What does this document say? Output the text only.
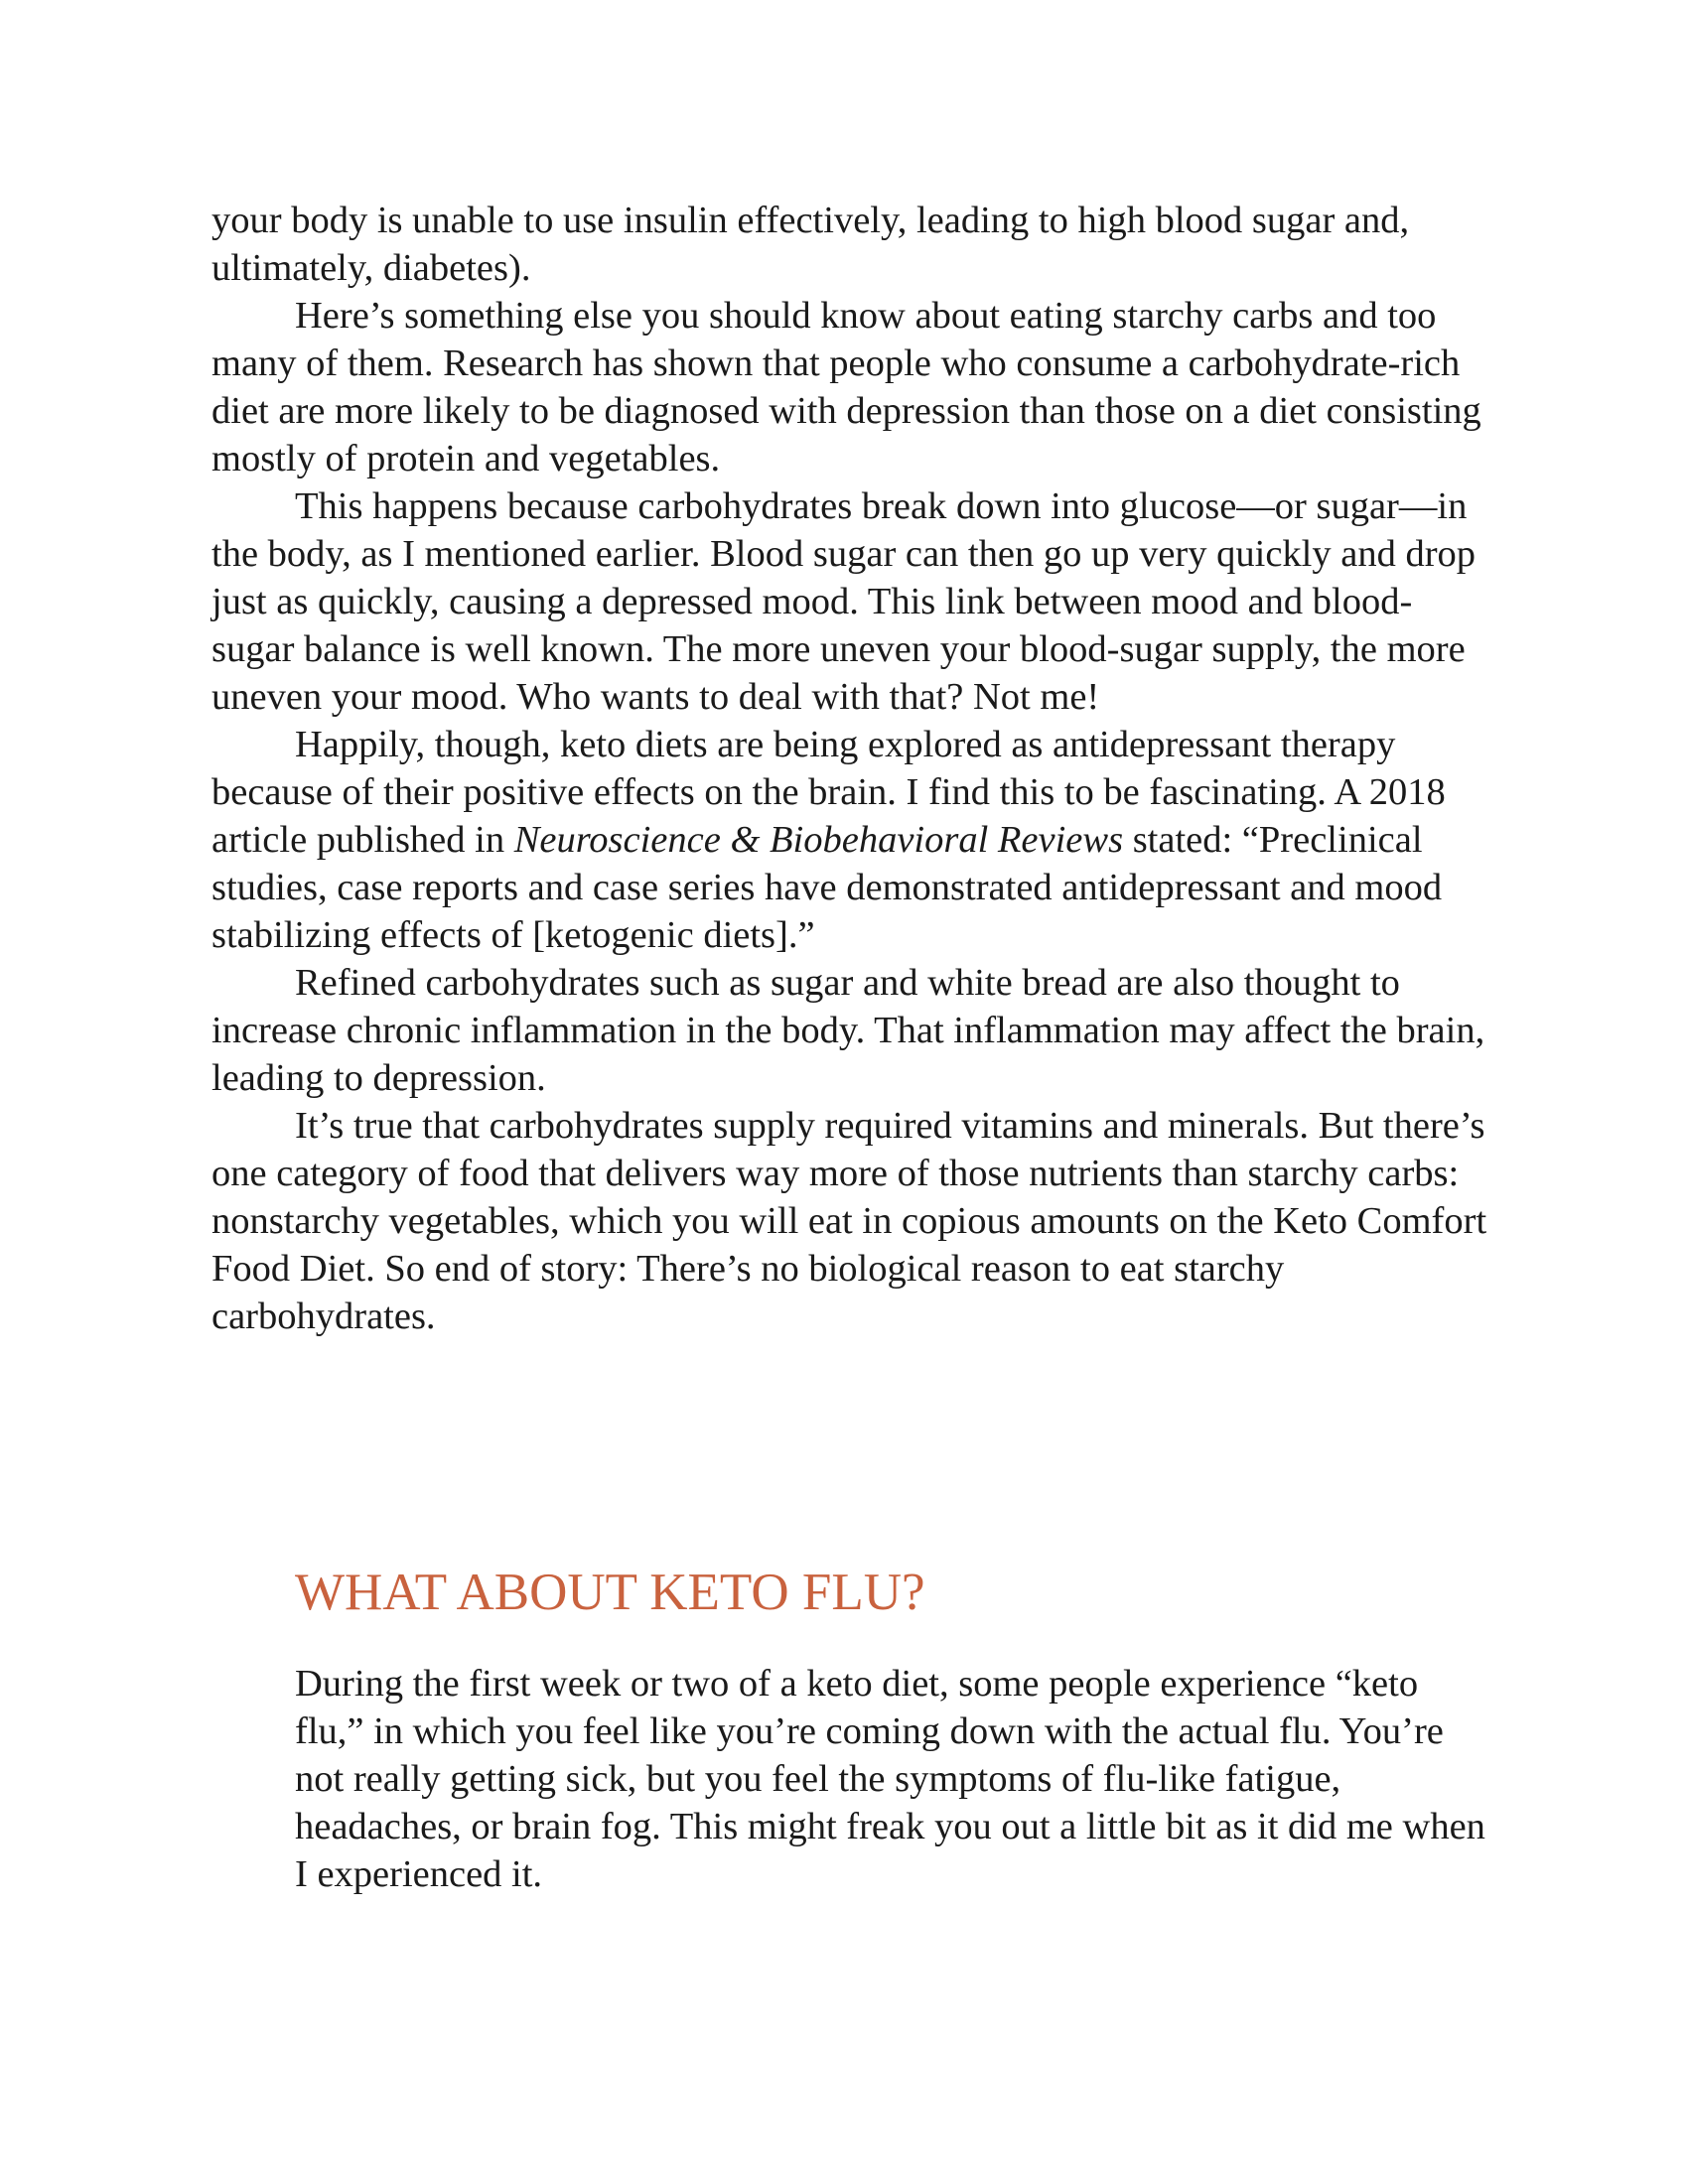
your body is unable to use insulin effectively, leading to high blood sugar and, ultimately, diabetes).

Here’s something else you should know about eating starchy carbs and too many of them. Research has shown that people who consume a carbohydrate-rich diet are more likely to be diagnosed with depression than those on a diet consisting mostly of protein and vegetables.

This happens because carbohydrates break down into glucose—or sugar—in the body, as I mentioned earlier. Blood sugar can then go up very quickly and drop just as quickly, causing a depressed mood. This link between mood and blood-sugar balance is well known. The more uneven your blood-sugar supply, the more uneven your mood. Who wants to deal with that? Not me!

Happily, though, keto diets are being explored as antidepressant therapy because of their positive effects on the brain. I find this to be fascinating. A 2018 article published in Neuroscience & Biobehavioral Reviews stated: “Preclinical studies, case reports and case series have demonstrated antidepressant and mood stabilizing effects of [ketogenic diets].”

Refined carbohydrates such as sugar and white bread are also thought to increase chronic inflammation in the body. That inflammation may affect the brain, leading to depression.

It’s true that carbohydrates supply required vitamins and minerals. But there’s one category of food that delivers way more of those nutrients than starchy carbs: nonstarchy vegetables, which you will eat in copious amounts on the Keto Comfort Food Diet. So end of story: There’s no biological reason to eat starchy carbohydrates.

WHAT ABOUT KETO FLU?

During the first week or two of a keto diet, some people experience “keto flu,” in which you feel like you’re coming down with the actual flu. You’re not really getting sick, but you feel the symptoms of flu-like fatigue, headaches, or brain fog. This might freak you out a little bit as it did me when I experienced it.
